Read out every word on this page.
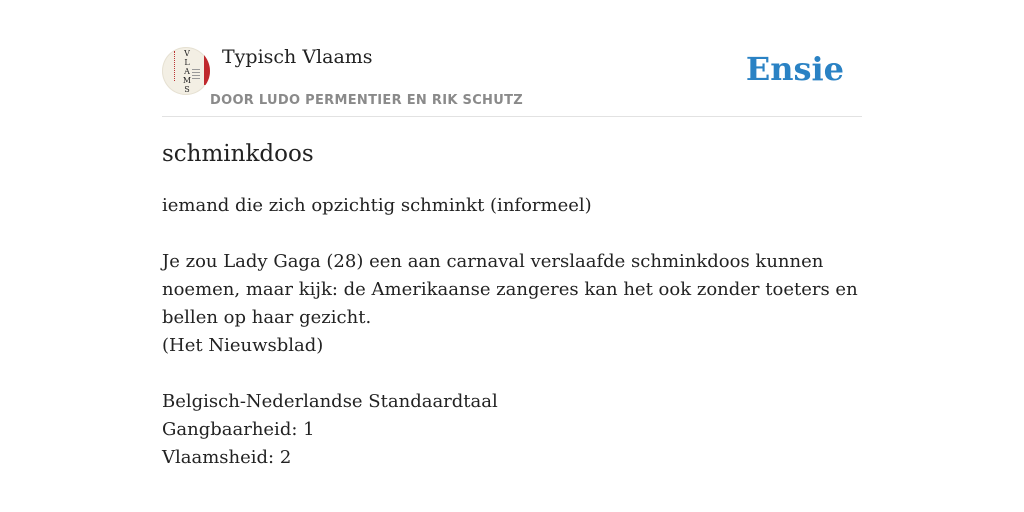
V
L
A
M
S
Typisch Vlaams
DOOR LUDO PERMENTIER EN RIK SCHUTZ
Ensie
schminkdoos

iemand die zich opzichtig schminkt (informeel)

Je zou Lady Gaga (28) een aan carnaval verslaafde schminkdoos kunnen noemen, maar kijk: de Amerikaanse zangeres kan het ook zonder toeters en bellen op haar gezicht.

(Het Nieuwsblad)

Belgisch-Nederlandse Standaardtaal

Gangbaarheid: 1

Vlaamsheid: 2
